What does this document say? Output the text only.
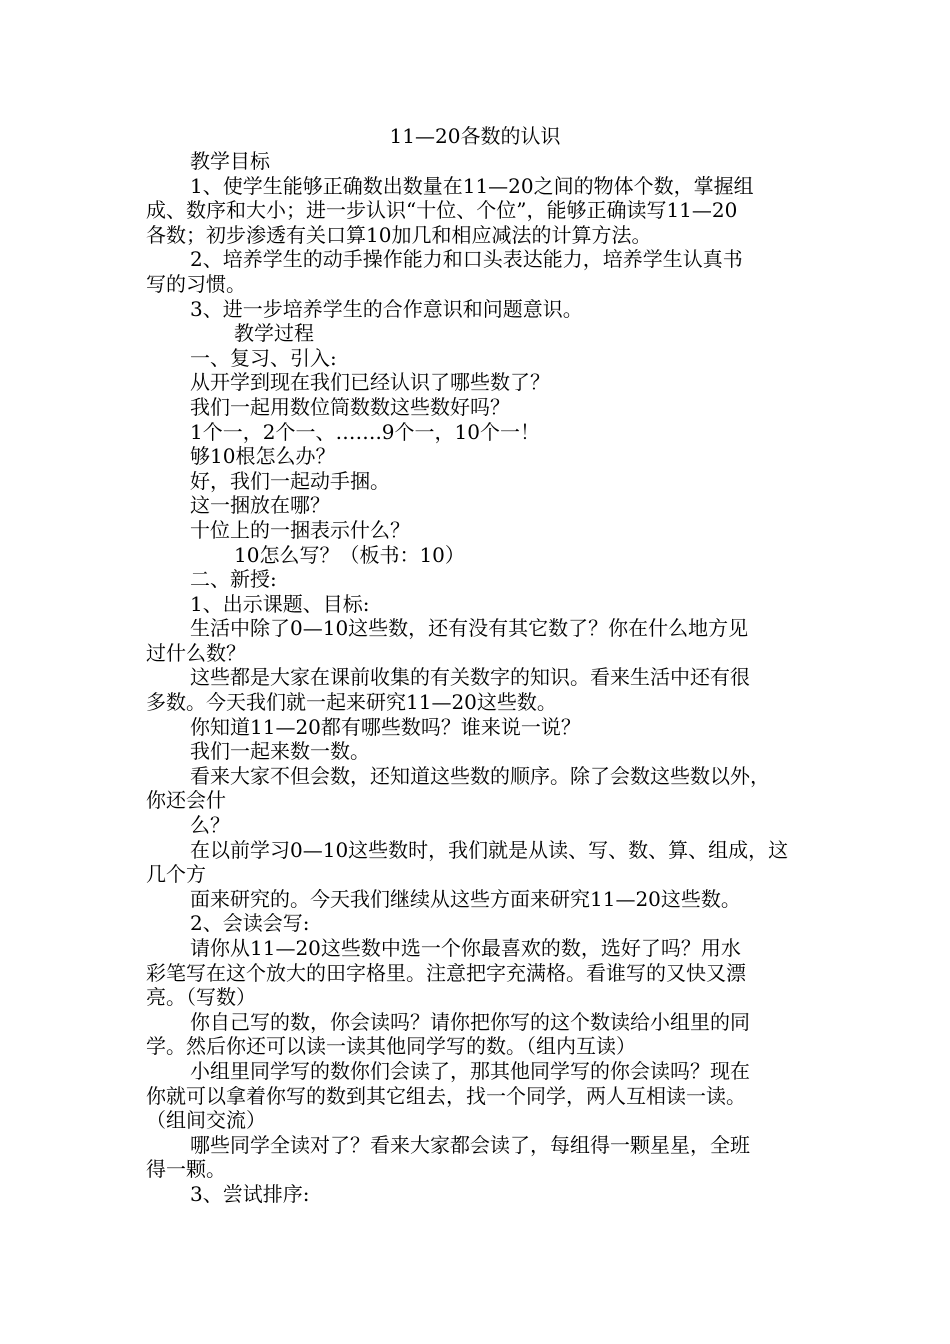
11—20各数的认识

教学目标

1、使学生能够正确数出数量在11—20之间的物体个数，掌握组

成、数序和大小；进一步认识“十位、个位”，能够正确读写11—20

各数；初步渗透有关口算10加几和相应减法的计算方法。

2、培养学生的动手操作能力和口头表达能力，培养学生认真书

写的习惯。

3、进一步培养学生的合作意识和问题意识。

教学过程

一、复习、引入:

从开学到现在我们已经认识了哪些数了？

我们一起用数位筒数数这些数好吗？

1个一，2个一、…….9个一，10个一！

够10根怎么办？

好，我们一起动手捆。

这一捆放在哪？

十位上的一捆表示什么？

10怎么写？（板书：10）

二、新授:

1、出示课题、目标:

生活中除了0—10这些数，还有没有其它数了？你在什么地方见

过什么数？

这些都是大家在课前收集的有关数字的知识。看来生活中还有很

多数。今天我们就一起来研究11—20这些数。

你知道11—20都有哪些数吗？谁来说一说？

我们一起来数一数。

看来大家不但会数，还知道这些数的顺序。除了会数这些数以外，

你还会什

么？

在以前学习0—10这些数时，我们就是从读、写、数、算、组成，这

几个方

面来研究的。今天我们继续从这些方面来研究11—20这些数。

2、会读会写:

请你从11—20这些数中选一个你最喜欢的数，选好了吗？用水

彩笔写在这个放大的田字格里。注意把字充满格。看谁写的又快又漂

亮。（写数）

你自己写的数，你会读吗？请你把你写的这个数读给小组里的同

学。然后你还可以读一读其他同学写的数。（组内互读）

小组里同学写的数你们会读了，那其他同学写的你会读吗？现在

你就可以拿着你写的数到其它组去，找一个同学，两人互相读一读。

（组间交流）

哪些同学全读对了？看来大家都会读了，每组得一颗星星，全班

得一颗。

3、尝试排序:
